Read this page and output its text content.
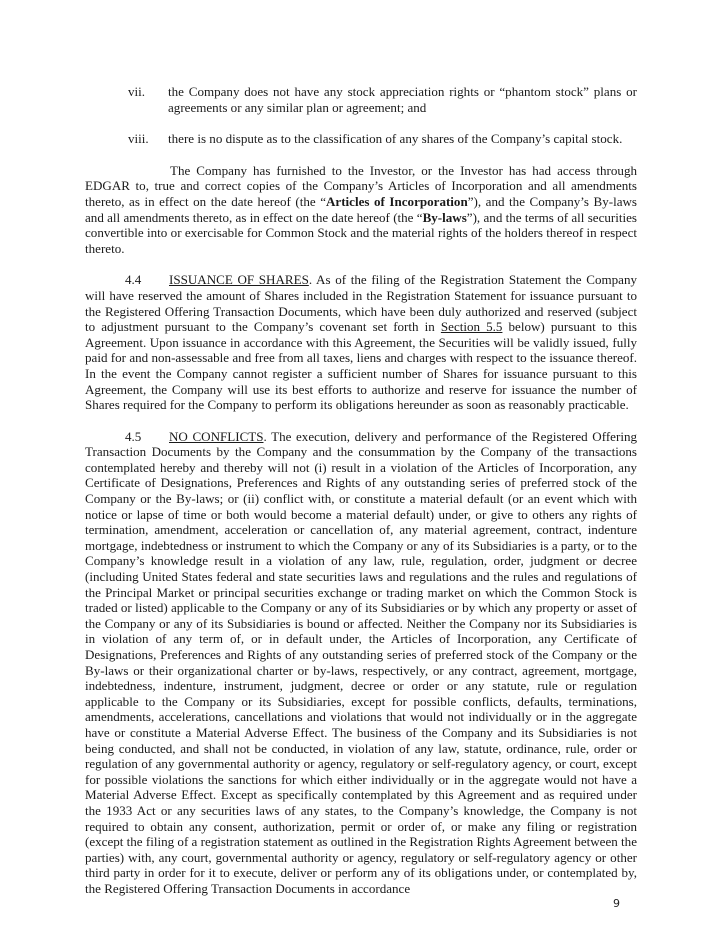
vii. the Company does not have any stock appreciation rights or “phantom stock” plans or agreements or any similar plan or agreement; and
viii. there is no dispute as to the classification of any shares of the Company’s capital stock.

The Company has furnished to the Investor, or the Investor has had access through EDGAR to, true and correct copies of the Company’s Articles of Incorporation and all amendments thereto, as in effect on the date hereof (the “Articles of Incorporation”), and the Company’s By-laws and all amendments thereto, as in effect on the date hereof (the “By-laws”), and the terms of all securities convertible into or exercisable for Common Stock and the material rights of the holders thereof in respect thereto.

4.4 ISSUANCE OF SHARES. As of the filing of the Registration Statement the Company will have reserved the amount of Shares included in the Registration Statement for issuance pursuant to the Registered Offering Transaction Documents, which have been duly authorized and reserved (subject to adjustment pursuant to the Company’s covenant set forth in Section 5.5 below) pursuant to this Agreement. Upon issuance in accordance with this Agreement, the Securities will be validly issued, fully paid for and non-assessable and free from all taxes, liens and charges with respect to the issuance thereof. In the event the Company cannot register a sufficient number of Shares for issuance pursuant to this Agreement, the Company will use its best efforts to authorize and reserve for issuance the number of Shares required for the Company to perform its obligations hereunder as soon as reasonably practicable.

4.5 NO CONFLICTS. The execution, delivery and performance of the Registered Offering Transaction Documents by the Company and the consummation by the Company of the transactions contemplated hereby and thereby will not (i) result in a violation of the Articles of Incorporation, any Certificate of Designations, Preferences and Rights of any outstanding series of preferred stock of the Company or the By-laws; or (ii) conflict with, or constitute a material default (or an event which with notice or lapse of time or both would become a material default) under, or give to others any rights of termination, amendment, acceleration or cancellation of, any material agreement, contract, indenture mortgage, indebtedness or instrument to which the Company or any of its Subsidiaries is a party, or to the Company’s knowledge result in a violation of any law, rule, regulation, order, judgment or decree (including United States federal and state securities laws and regulations and the rules and regulations of the Principal Market or principal securities exchange or trading market on which the Common Stock is traded or listed) applicable to the Company or any of its Subsidiaries or by which any property or asset of the Company or any of its Subsidiaries is bound or affected. Neither the Company nor its Subsidiaries is in violation of any term of, or in default under, the Articles of Incorporation, any Certificate of Designations, Preferences and Rights of any outstanding series of preferred stock of the Company or the By-laws or their organizational charter or by-laws, respectively, or any contract, agreement, mortgage, indebtedness, indenture, instrument, judgment, decree or order or any statute, rule or regulation applicable to the Company or its Subsidiaries, except for possible conflicts, defaults, terminations, amendments, accelerations, cancellations and violations that would not individually or in the aggregate have or constitute a Material Adverse Effect. The business of the Company and its Subsidiaries is not being conducted, and shall not be conducted, in violation of any law, statute, ordinance, rule, order or regulation of any governmental authority or agency, regulatory or self-regulatory agency, or court, except for possible violations the sanctions for which either individually or in the aggregate would not have a Material Adverse Effect. Except as specifically contemplated by this Agreement and as required under the 1933 Act or any securities laws of any states, to the Company’s knowledge, the Company is not required to obtain any consent, authorization, permit or order of, or make any filing or registration (except the filing of a registration statement as outlined in the Registration Rights Agreement between the parties) with, any court, governmental authority or agency, regulatory or self-regulatory agency or other third party in order for it to execute, deliver or perform any of its obligations under, or contemplated by, the Registered Offering Transaction Documents in accordance

9
